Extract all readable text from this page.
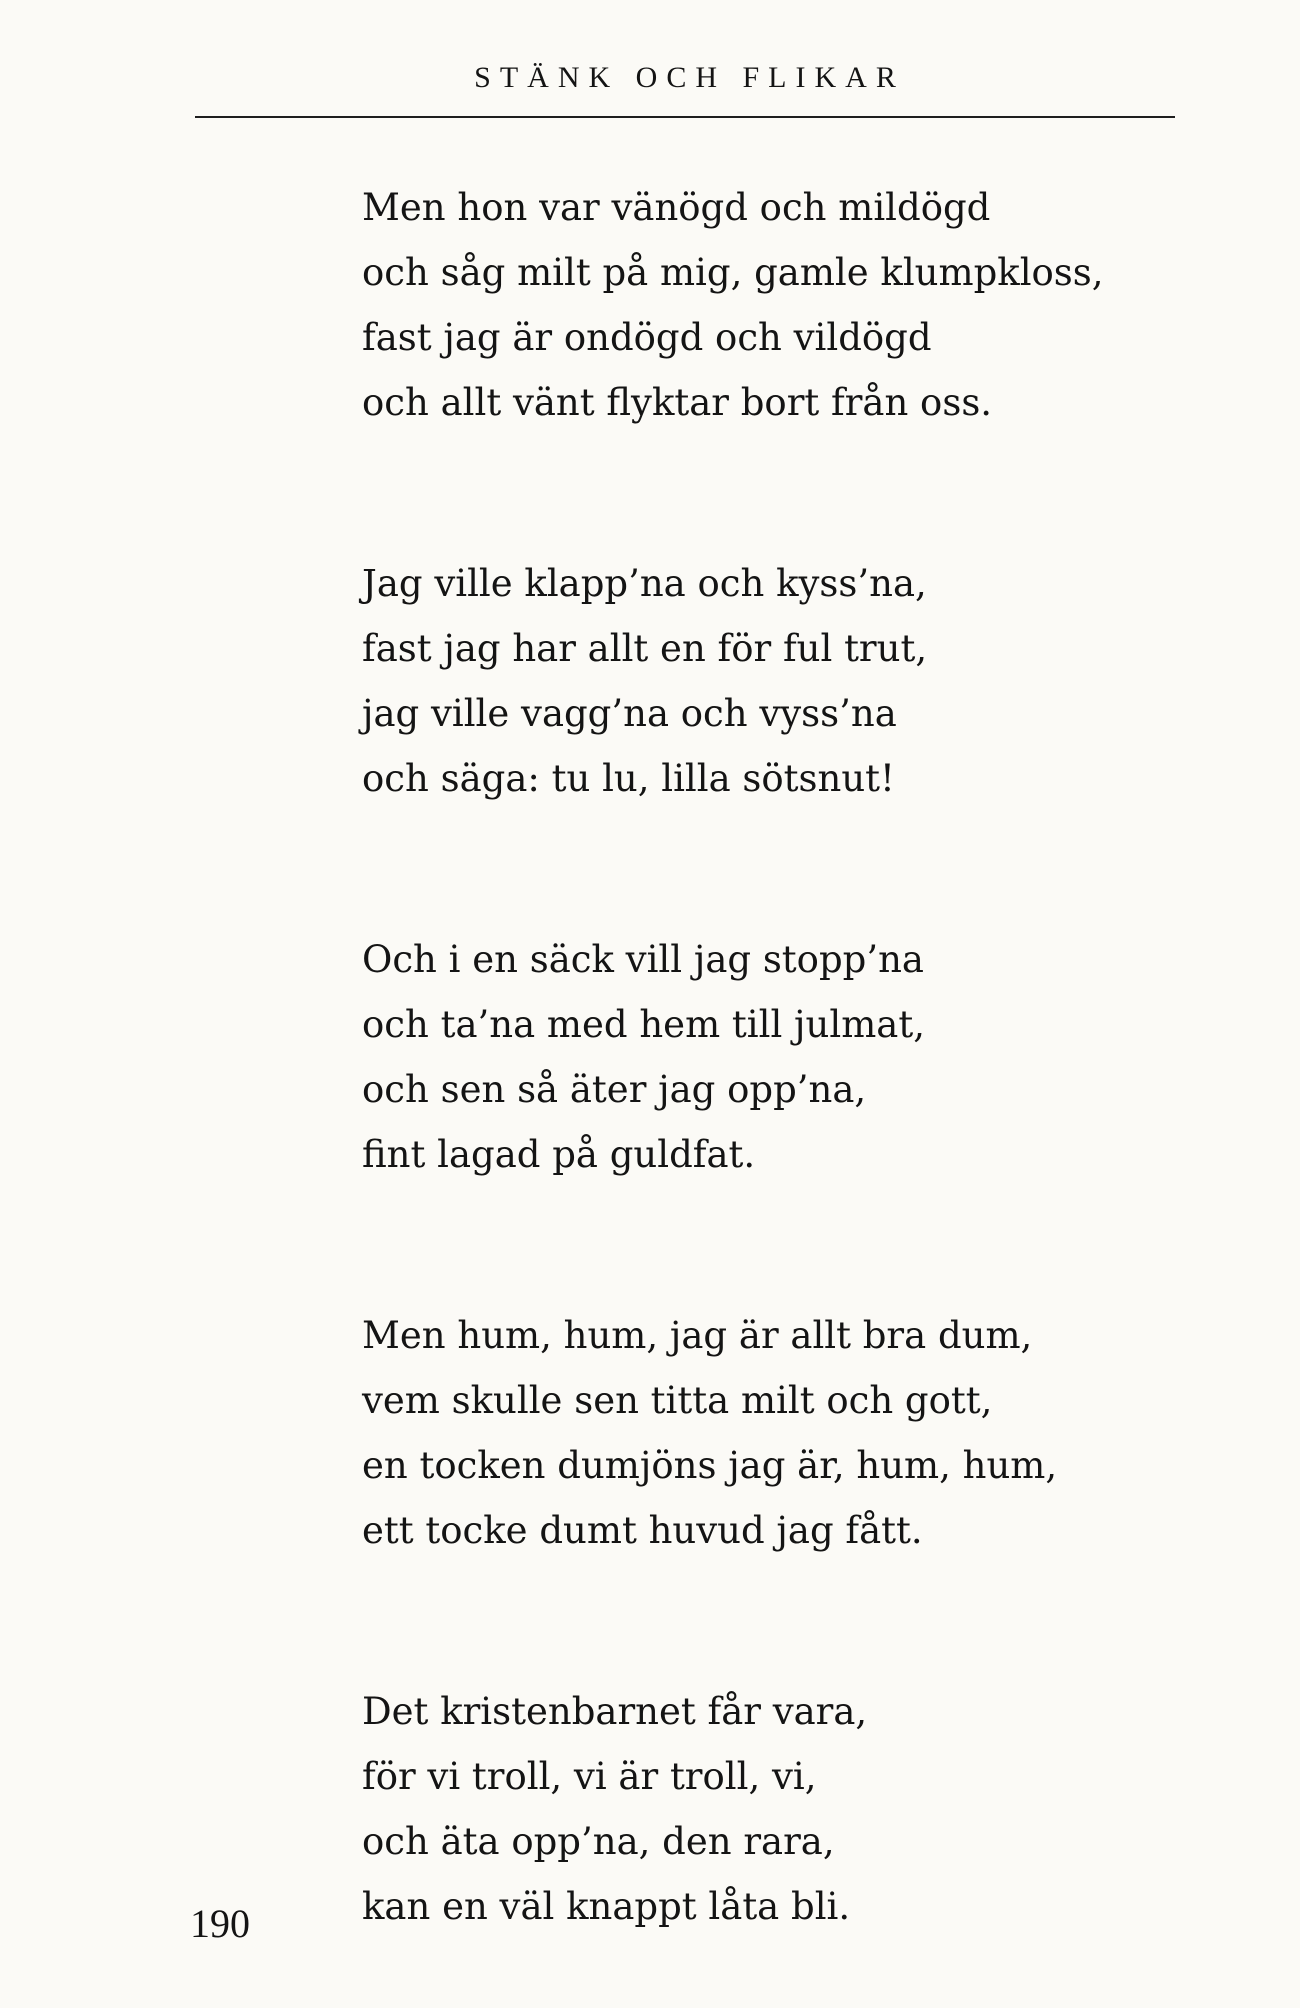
STÄNK OCH FLIKAR
Men hon var vänögd och mildögd
och såg milt på mig, gamle klumpkloss,
fast jag är ondögd och vildögd
och allt vänt flyktar bort från oss.
Jag ville klapp’na och kyss’na,
fast jag har allt en för ful trut,
jag ville vagg’na och vyss’na
och säga: tu lu, lilla sötsnut!
Och i en säck vill jag stopp’na
och ta’na med hem till julmat,
och sen så äter jag opp’na,
fint lagad på guldfat.
Men hum, hum, jag är allt bra dum,
vem skulle sen titta milt och gott,
en tocken dumjöns jag är, hum, hum,
ett tocke dumt huvud jag fått.
Det kristenbarnet får vara,
för vi troll, vi är troll, vi,
och äta opp’na, den rara,
kan en väl knappt låta bli.
190
